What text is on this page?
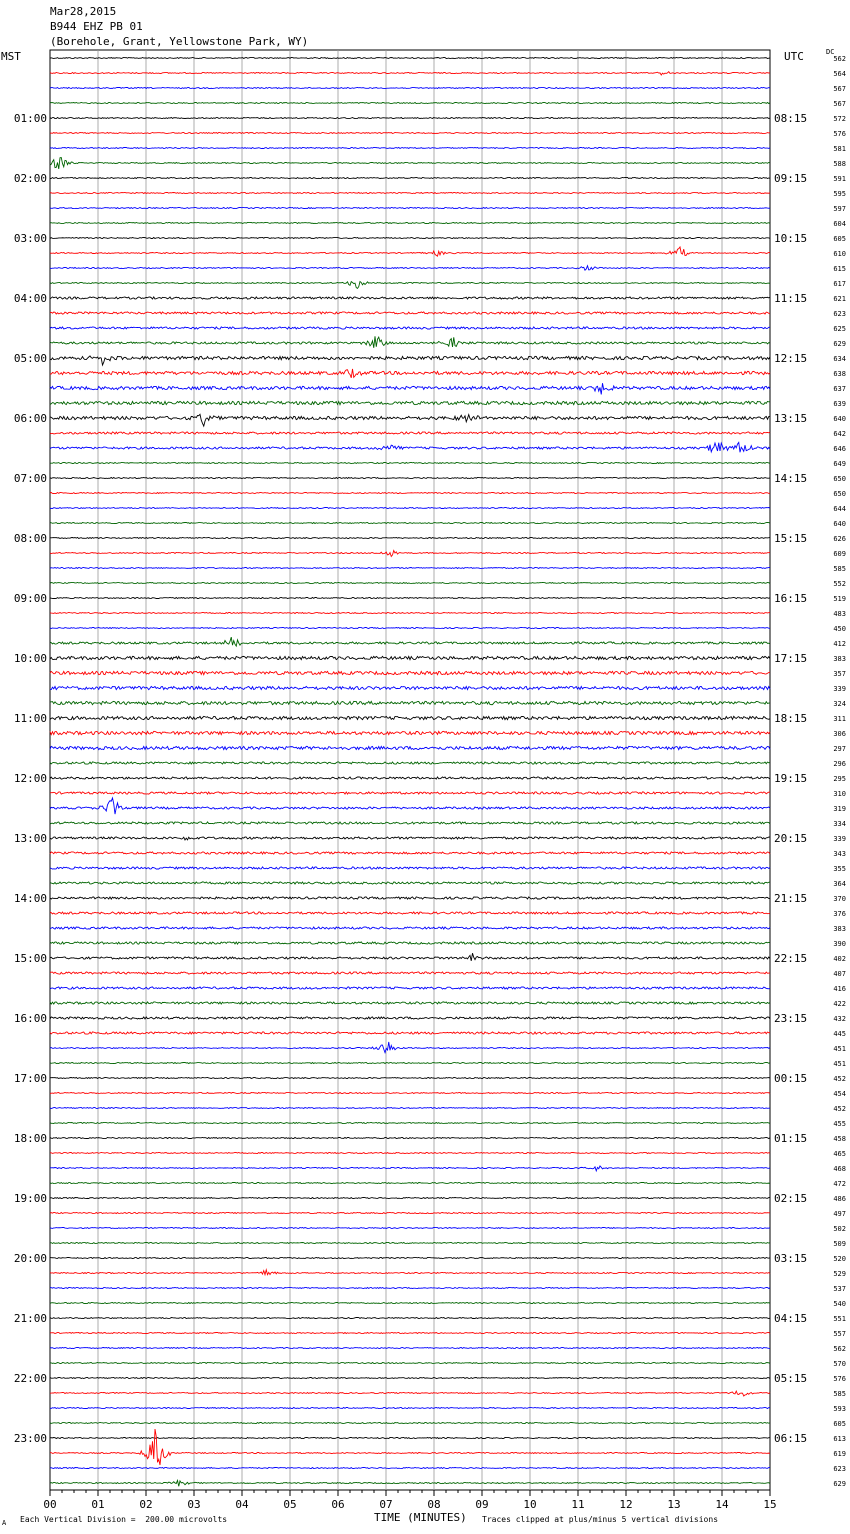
Mar28,2015
B944 EHZ PB 01
(Borehole, Grant, Yellowstone Park, WY)
MST	UTC	DC
00	01	02	03	04	05	06	07	08	09	10	11	12	13	14	15
01:00
02:00
03:00
04:00
05:00
06:00
07:00
08:00
09:00
10:00
11:00
12:00
13:00
14:00
15:00
16:00
17:00
18:00
19:00
20:00
21:00
22:00
23:00
08:15
09:15
10:15
11:15
12:15
13:15
14:15
15:15
16:15
17:15
18:15
19:15
20:15
21:15
22:15
23:15
00:15
01:15
02:15
03:15
04:15
05:15
06:15
562
564
567
567
572
576
581
588
591
595
597
604
605
610
615
617
621
623
625
629
634
638
637
639
640
642
646
649
650
650
644
640
626
609
585
552
519
483
450
412
383
357
339
324
311
306
297
296
295
310
319
334
339
343
355
364
370
376
383
390
402
407
416
422
432
445
451
451
452
454
452
455
458
465
468
472
486
497
502
509
520
529
537
540
551
557
562
570
576
585
593
605
613
619
623
629
A Each Vertical Division =  200.00 microvolts	TIME (MINUTES) Traces clipped at plus/minus 5 vertical divisions
